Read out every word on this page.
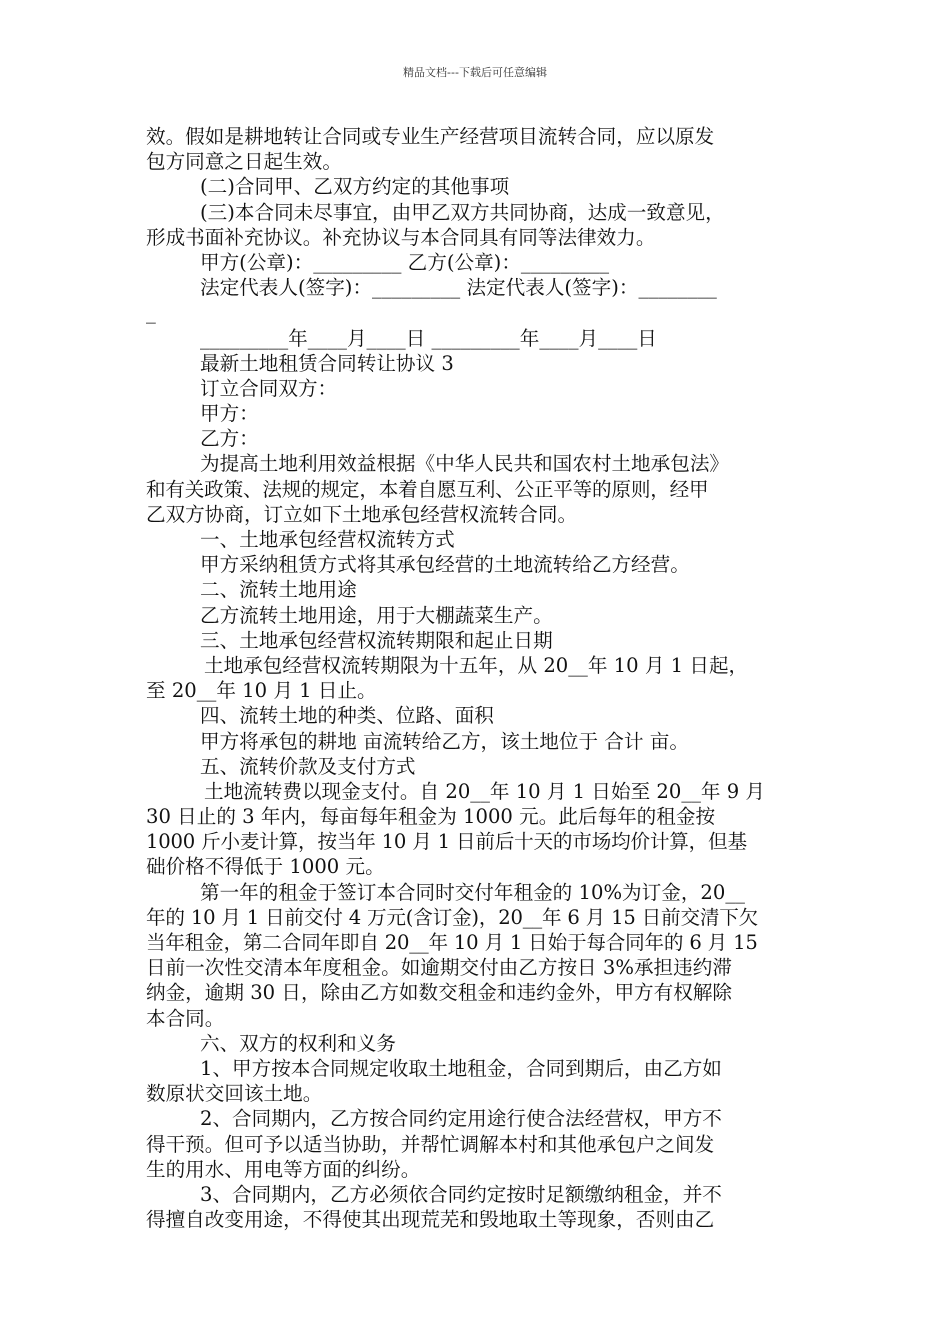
精品文档---下载后可任意编辑
效。假如是耕地转让合同或专业生产经营项目流转合同，应以原发
包方同意之日起生效。
(二)合同甲、乙双方约定的其他事项
(三)本合同未尽事宜，由甲乙双方共同协商，达成一致意见，
形成书面补充协议。补充协议与本合同具有同等法律效力。
甲方(公章)：_________ 乙方(公章)：_________
法定代表人(签字)：_________ 法定代表人(签字)：________
_
_________年____月____日 _________年____月____日
最新土地租赁合同转让协议 3
订立合同双方：
甲方：
乙方：
为提高土地利用效益根据《中华人民共和国农村土地承包法》
和有关政策、法规的规定，本着自愿互利、公正平等的原则，经甲
乙双方协商，订立如下土地承包经营权流转合同。
一、土地承包经营权流转方式
甲方采纳租赁方式将其承包经营的土地流转给乙方经营。
二、流转土地用途
乙方流转土地用途，用于大棚蔬菜生产。
三、土地承包经营权流转期限和起止日期
土地承包经营权流转期限为十五年，从 20__年 10 月 1 日起，
至 20__年 10 月 1 日止。
四、流转土地的种类、位路、面积
甲方将承包的耕地 亩流转给乙方，该土地位于 合计 亩。
五、流转价款及支付方式
土地流转费以现金支付。自 20__年 10 月 1 日始至 20__年 9 月
30 日止的 3 年内，每亩每年租金为 1000 元。此后每年的租金按
1000 斤小麦计算，按当年 10 月 1 日前后十天的市场均价计算，但基
础价格不得低于 1000 元。
第一年的租金于签订本合同时交付年租金的 10%为订金，20__
年的 10 月 1 日前交付 4 万元(含订金)，20__年 6 月 15 日前交清下欠
当年租金，第二合同年即自 20__年 10 月 1 日始于每合同年的 6 月 15
日前一次性交清本年度租金。如逾期交付由乙方按日 3%承担违约滞
纳金，逾期 30 日，除由乙方如数交租金和违约金外，甲方有权解除
本合同。
六、双方的权利和义务
1、甲方按本合同规定收取土地租金，合同到期后，由乙方如
数原状交回该土地。
2、合同期内，乙方按合同约定用途行使合法经营权，甲方不
得干预。但可予以适当协助，并帮忙调解本村和其他承包户之间发
生的用水、用电等方面的纠纷。
3、合同期内，乙方必须依合同约定按时足额缴纳租金，并不
得擅自改变用途，不得使其出现荒芜和毁地取土等现象，否则由乙
